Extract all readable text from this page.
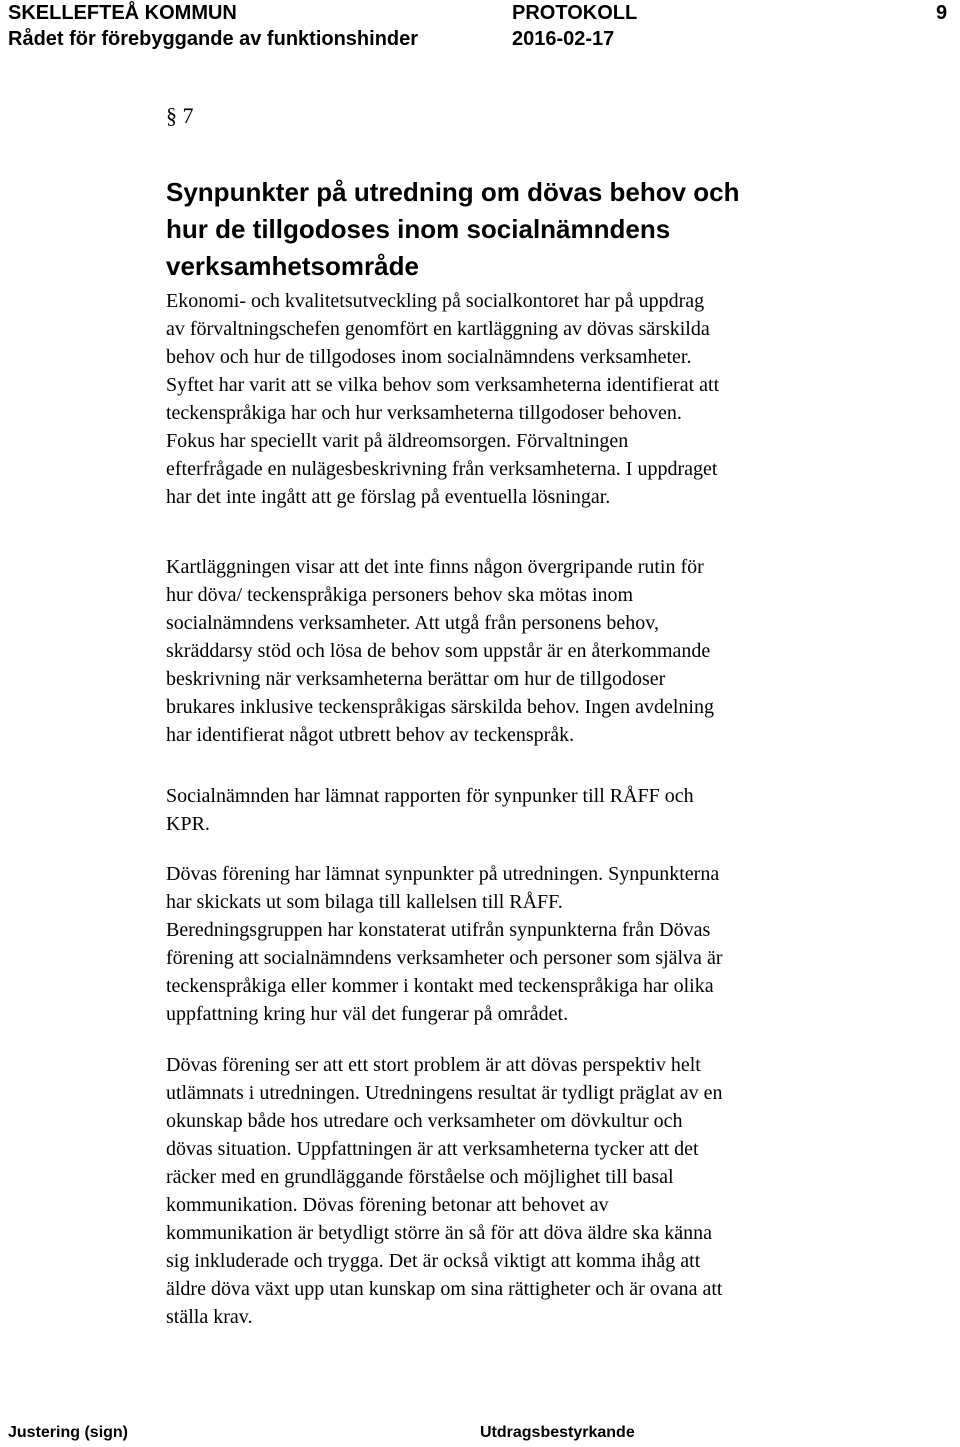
SKELLEFTEÅ KOMMUN	PROTOKOLL	9
Rådet för förebyggande av funktionshinder	2016-02-17
§ 7
Synpunkter på utredning om dövas behov och
hur de tillgodoses inom socialnämndens
verksamhetsområde
Ekonomi- och kvalitetsutveckling på socialkontoret har på uppdrag
av förvaltningschefen genomfört en kartläggning av dövas särskilda
behov och hur de tillgodoses inom socialnämndens verksamheter.
Syftet har varit att se vilka behov som verksamheterna identifierat att
teckenspråkiga har och hur verksamheterna tillgodoser behoven.
Fokus har speciellt varit på äldreomsorgen. Förvaltningen
efterfrågade en nulägesbeskrivning från verksamheterna. I uppdraget
har det inte ingått att ge förslag på eventuella lösningar.
Kartläggningen visar att det inte finns någon övergripande rutin för
hur döva/ teckenspråkiga personers behov ska mötas inom
socialnämndens verksamheter. Att utgå från personens behov,
skräddarsy stöd och lösa de behov som uppstår är en återkommande
beskrivning när verksamheterna berättar om hur de tillgodoser
brukares inklusive teckenspråkigas särskilda behov. Ingen avdelning
har identifierat något utbrett behov av teckenspråk.
Socialnämnden har lämnat rapporten för synpunker till RÅFF och
KPR.
Dövas förening har lämnat synpunkter på utredningen. Synpunkterna
har skickats ut som bilaga till kallelsen till RÅFF.
Beredningsgruppen har konstaterat utifrån synpunkterna från Dövas
förening att socialnämndens verksamheter och personer som själva är
teckenspråkiga eller kommer i kontakt med teckenspråkiga har olika
uppfattning kring hur väl det fungerar på området.
Dövas förening ser att ett stort problem är att dövas perspektiv helt
utlämnats i utredningen. Utredningens resultat är tydligt präglat av en
okunskap både hos utredare och verksamheter om dövkultur och
dövas situation. Uppfattningen är att verksamheterna tycker att det
räcker med en grundläggande förståelse och möjlighet till basal
kommunikation. Dövas förening betonar att behovet av
kommunikation är betydligt större än så för att döva äldre ska känna
sig inkluderade och trygga. Det är också viktigt att komma ihåg att
äldre döva växt upp utan kunskap om sina rättigheter och är ovana att
ställa krav.
Justering (sign)	Utdragsbestyrkande
